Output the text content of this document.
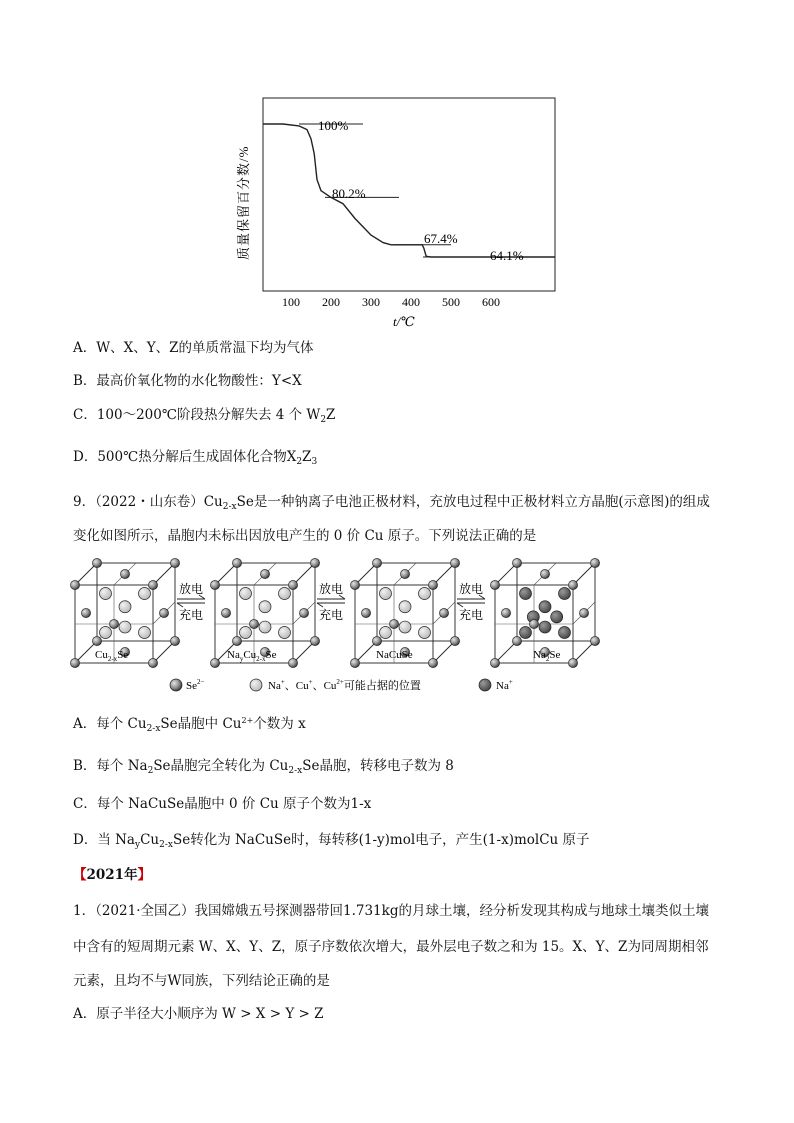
100 200 300 400 500 600
100%
80.2%
67.4%
64.1%
质量保留百分数/%
t/℃
A．W、X、Y、Z的单质常温下均为气体
B．最高价氧化物的水化物酸性：Y<X
C．100～200℃阶段热分解失去 4 个 $W_2Z$
D．500℃热分解后生成固体化合物$X_2Z_3$
9．（2022・山东卷）$Cu_{2-x}Se$是一种钠离子电池正极材料，充放电过程中正极材料立方晶胞(示意图)的组成
变化如图所示，晶胞内未标出因放电产生的 0 价 Cu 原子。下列说法正确的是
放电
充电
放电
充电
放电
充电
$Cu_{2-x}Se$	$Na_yCu_{2-x}Se$	NaCuSe	$Na_2Se$
$Se^{2-}$	Na+、Cu+、$Cu^{2+}$可能占据的位置	Na+
A．每个 $Cu_{2-x}Se$晶胞中 $Cu^{2+}$个数为 x
B．每个 $Na_2Se$晶胞完全转化为 $Cu_{2-x}Se$晶胞，转移电子数为 8
C．每个 NaCuSe晶胞中 0 价 Cu 原子个数为1-x
D．当 $Na_yCu_{2-x}Se$转化为 NaCuSe时，每转移(1-y)mol电子，产生(1-x)molCu 原子
【2021年】
1．（2021·全国乙）我国嫦娥五号探测器带回1.731kg的月球土壤，经分析发现其构成与地球土壤类似土壤
中含有的短周期元素 W、X、Y、Z，原子序数依次增大，最外层电子数之和为 15。X、Y、Z为同周期相邻
元素，且均不与W同族，下列结论正确的是
A．原子半径大小顺序为 W > X > Y > Z
